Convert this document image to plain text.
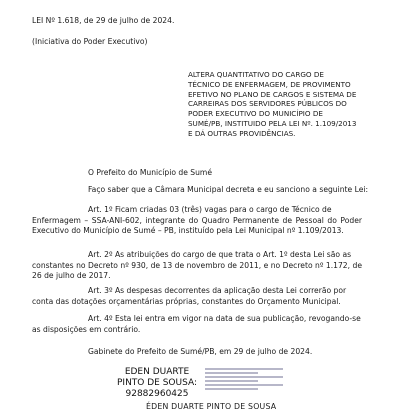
LEI Nº 1.618, de 29 de julho de 2024.
(Iniciativa do Poder Executivo)
ALTERA QUANTITATIVO DO CARGO DE
TÉCNICO DE ENFERMAGEM, DE PROVIMENTO
EFETIVO NO PLANO DE CARGOS E SISTEMA DE
CARREIRAS DOS SERVIDORES PÚBLICOS DO
PODER EXECUTIVO DO MUNICÍPIO DE
SUMÉ/PB, INSTITUIDO PELA LEI Nº. 1.109/2013
E DÁ OUTRAS PROVIDÊNCIAS.
O Prefeito do Município de Sumé
Faço saber que a Câmara Municipal decreta e eu sanciono a seguinte Lei:
Art. 1º Ficam criadas 03 (três) vagas para o cargo de Técnico de
Enfermagem – SSA-ANI-602, integrante do Quadro Permanente de Pessoal do Poder Executivo do Município de Sumé – PB, instituído pela Lei Municipal nº 1.109/2013.
Art. 2º As atribuições do cargo de que trata o Art. 1º desta Lei são as
constantes no Decreto nº 930, de 13 de novembro de 2011, e no Decreto nº 1.172, de 26 de julho de 2017.
Art. 3º As despesas decorrentes da aplicação desta Lei correrão por
conta das dotações orçamentárias próprias, constantes do Orçamento Municipal.
Art. 4º Esta lei entra em vigor na data de sua publicação, revogando-se
as disposições em contrário.
Gabinete do Prefeito de Sumé/PB, em 29 de julho de 2024.
EDEN DUARTE
PINTO DE SOUSA:
92882960425
ÉDEN DUARTE PINTO DE SOUSA
